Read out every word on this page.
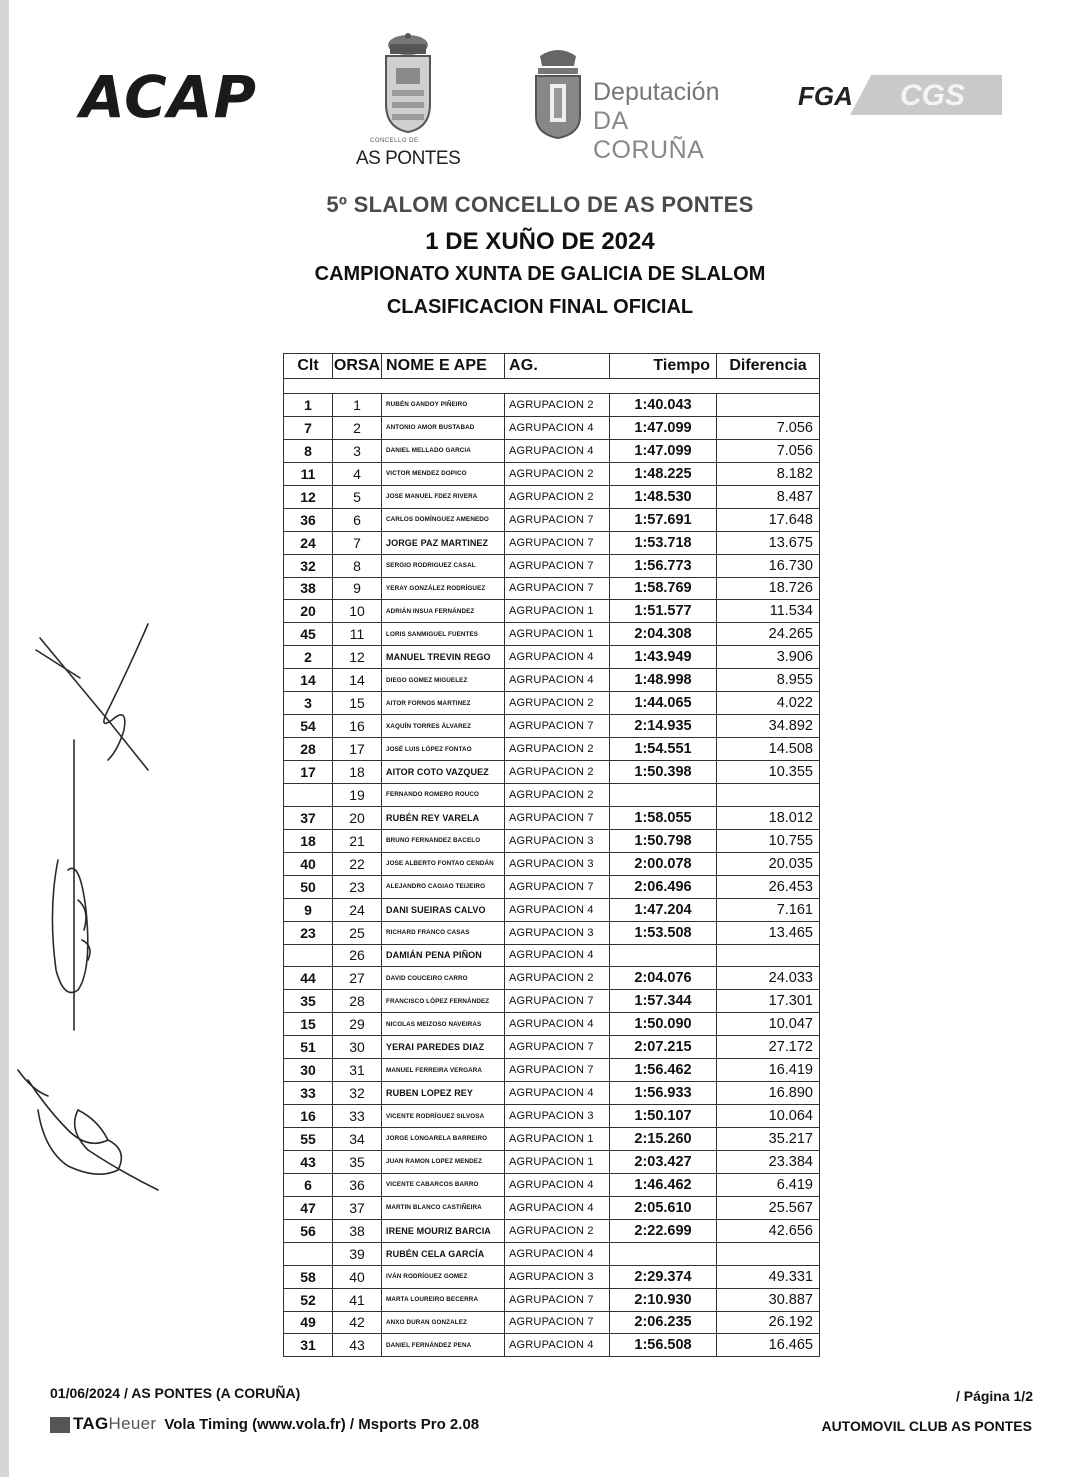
ACAP
CONCELLO DE
AS PONTES
Deputación
DA CORUÑA
FGA CGS
5º SLALOM CONCELLO DE AS PONTES
1 DE XUÑO DE 2024
CAMPIONATO XUNTA DE GALICIA DE SLALOM
CLASIFICACION FINAL OFICIAL
Clt	ORSA	NOME E APE	AG.	Tiempo	Diferencia

1	1	RUBÉN GANDOY PIÑEIRO	AGRUPACION 2	1:40.043	
7	2	ANTONIO AMOR BUSTABAD	AGRUPACION 4	1:47.099	7.056
8	3	DANIEL MELLADO GARCIA	AGRUPACION 4	1:47.099	7.056
11	4	VICTOR MENDEZ DOPICO	AGRUPACION 2	1:48.225	8.182
12	5	JOSE MANUEL FDEZ RIVERA	AGRUPACION 2	1:48.530	8.487
36	6	CARLOS DOMÍNGUEZ AMENEDO	AGRUPACION 7	1:57.691	17.648
24	7	JORGE PAZ MARTINEZ	AGRUPACION 7	1:53.718	13.675
32	8	SERGIO RODRIGUEZ CASAL	AGRUPACION 7	1:56.773	16.730
38	9	YERAY GONZÁLEZ RODRÍGUEZ	AGRUPACION 7	1:58.769	18.726
20	10	ADRIÁN INSUA FERNÁNDEZ	AGRUPACION 1	1:51.577	11.534
45	11	LORIS SANMIGUEL FUENTES	AGRUPACION 1	2:04.308	24.265
2	12	MANUEL TREVIN REGO	AGRUPACION 4	1:43.949	3.906
14	14	DIEGO GOMEZ MIGUELEZ	AGRUPACION 4	1:48.998	8.955
3	15	AITOR FORNOS MARTINEZ	AGRUPACION 2	1:44.065	4.022
54	16	XAQUÍN TORRES ÁLVAREZ	AGRUPACION 7	2:14.935	34.892
28	17	JOSÉ LUIS LÓPEZ FONTAO	AGRUPACION 2	1:54.551	14.508
17	18	AITOR COTO VAZQUEZ	AGRUPACION 2	1:50.398	10.355
	19	FERNANDO ROMERO ROUCO	AGRUPACION 2		
37	20	RUBÉN REY VARELA	AGRUPACION 7	1:58.055	18.012
18	21	BRUNO FERNANDEZ BACELO	AGRUPACION 3	1:50.798	10.755
40	22	JOSE ALBERTO FONTAO CENDÁN	AGRUPACION 3	2:00.078	20.035
50	23	ALEJANDRO CAGIAO TEIJEIRO	AGRUPACION 7	2:06.496	26.453
9	24	DANI SUEIRAS CALVO	AGRUPACION 4	1:47.204	7.161
23	25	RICHARD FRANCO CASAS	AGRUPACION 3	1:53.508	13.465
	26	DAMIÁN PENA PIÑON	AGRUPACION 4		
44	27	DAVID COUCEIRO CARRO	AGRUPACION 2	2:04.076	24.033
35	28	FRANCISCO LÓPEZ FERNÁNDEZ	AGRUPACION 7	1:57.344	17.301
15	29	NICOLAS MEIZOSO NAVEIRAS	AGRUPACION 4	1:50.090	10.047
51	30	YERAI PAREDES DIAZ	AGRUPACION 7	2:07.215	27.172
30	31	MANUEL FERREIRA VERGARA	AGRUPACION 7	1:56.462	16.419
33	32	RUBEN LOPEZ REY	AGRUPACION 4	1:56.933	16.890
16	33	VICENTE RODRÍGUEZ SILVOSA	AGRUPACION 3	1:50.107	10.064
55	34	JORGE LONGARELA BARREIRO	AGRUPACION 1	2:15.260	35.217
43	35	JUAN RAMON LOPEZ MENDEZ	AGRUPACION 1	2:03.427	23.384
6	36	VICENTE CABARCOS BARRO	AGRUPACION 4	1:46.462	6.419
47	37	MARTIN BLANCO CASTIÑEIRA	AGRUPACION 4	2:05.610	25.567
56	38	IRENE MOURIZ BARCIA	AGRUPACION 2	2:22.699	42.656
	39	RUBÉN CELA GARCÍA	AGRUPACION 4		
58	40	IVÁN RODRÍGUEZ GOMEZ	AGRUPACION 3	2:29.374	49.331
52	41	MARTA LOUREIRO BECERRA	AGRUPACION 7	2:10.930	30.887
49	42	ANXO DURAN GONZALEZ	AGRUPACION 7	2:06.235	26.192
31	43	DANIEL FERNÁNDEZ PENA	AGRUPACION 4	1:56.508	16.465
01/06/2024 / AS PONTES (A CORUÑA)	/ Página 1/2
TAGHeuer Vola Timing (www.vola.fr) / Msports Pro 2.08	AUTOMOVIL CLUB AS PONTES
